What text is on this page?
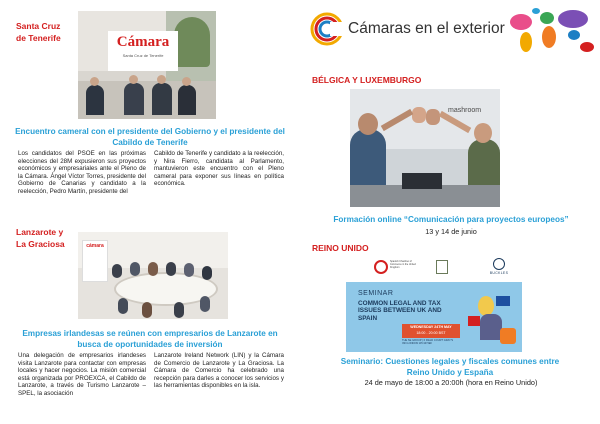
Santa Cruz
de Tenerife	Cámara
Santa Cruz de Tenerife
Encuentro cameral con el presidente del Gobierno y el presidente del Cabildo de Tenerife
Los candidatos del PSOE en las próximas elecciones del 28M expusieron sus proyectos económicos y empresariales ante el Pleno de la Cámara. Ángel Víctor Torres, presidente del Gobierno de Canarias y candidato a la reelección, Pedro Martín, presidente del
Cabildo de Tenerife y candidato a la reelección, y Nira Fierro, candidata al Parlamento, mantuvieron este encuentro con el Pleno cameral para exponer sus líneas en política económica.
Lanzarote y
La Graciosa	cámara
Empresas irlandesas se reúnen con empresarios de Lanzarote en busca de oportunidades de inversión
Una delegación de empresarios irlandeses visita Lanzarote para contactar con empresas locales y hacer negocios. La misión comercial está organizada por PROEXCA, el Cabildo de Lanzarote, a través de Turismo Lanzarote – SPEL, la asociación
Lanzarote Ireland Network (LIN) y la Cámara de Comercio de Lanzarote y La Graciosa. La Cámara de Comercio ha celebrado una recepción para darles a conocer los servicios y las herramientas disponibles en la isla.
Cámaras en el exterior
BÉLGICA Y LUXEMBURGO
mashroom
Formación online “Comunicación para proyectos europeos”
13 y 14 de junio
REINO UNIDO
Spanish Chamber of Commerce in the United Kingdom
BUCKLES
SEMINAR
COMMON LEGAL AND TAX ISSUES BETWEEN UK AND SPAIN
WEDNESDAY 24TH MAY
18:00 - 20:00 BST
THE SE GROUP | 6 FIELD COURT GRAY'S INN LONDON WC1R 5EF
Seminario: Cuestiones legales y fiscales comunes entre Reino Unido y España
24 de mayo de 18:00 a 20:00h (hora en Reino Unido)
